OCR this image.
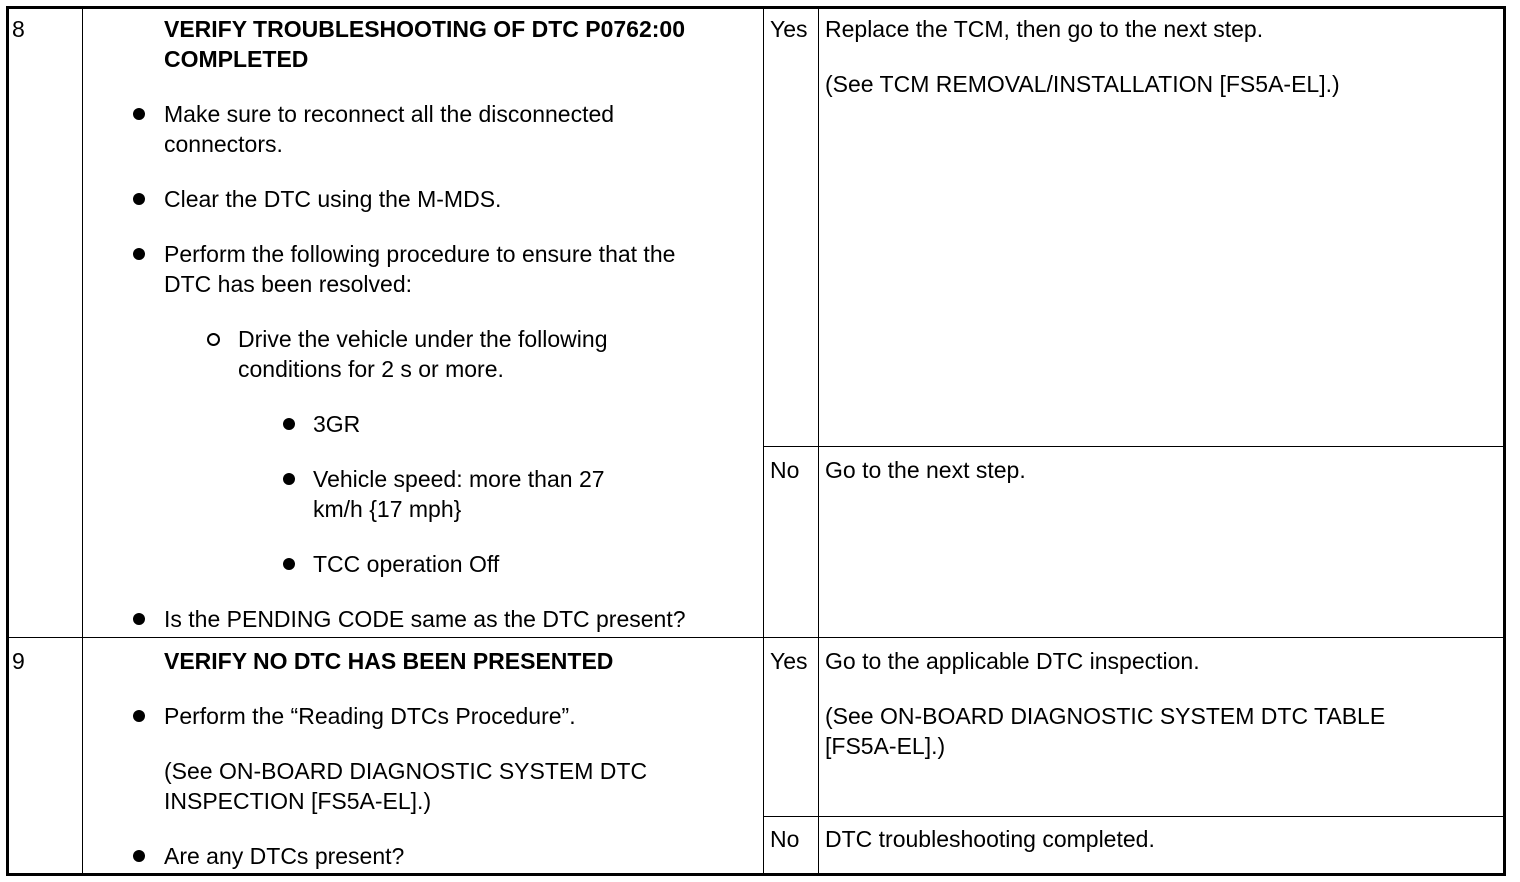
8	VERIFY TROUBLESHOOTING OF DTC P0762:00
COMPLETED
Make sure to reconnect all the disconnected
connectors.
Clear the DTC using the M-MDS.
Perform the following procedure to ensure that the
DTC has been resolved:
Drive the vehicle under the following
conditions for 2 s or more.
3GR
Vehicle speed: more than 27
km/h {17 mph}
TCC operation Off
Is the PENDING CODE same as the DTC present?
Yes Replace the TCM, then go to the next step.
(See TCM REMOVAL/INSTALLATION [FS5A-EL].)
No Go to the next step.
9	VERIFY NO DTC HAS BEEN PRESENTED
Perform the “Reading DTCs Procedure”.
(See ON-BOARD DIAGNOSTIC SYSTEM DTC
INSPECTION [FS5A-EL].)
Are any DTCs present?
Yes Go to the applicable DTC inspection.
(See ON-BOARD DIAGNOSTIC SYSTEM DTC TABLE
[FS5A-EL].)
No DTC troubleshooting completed.
